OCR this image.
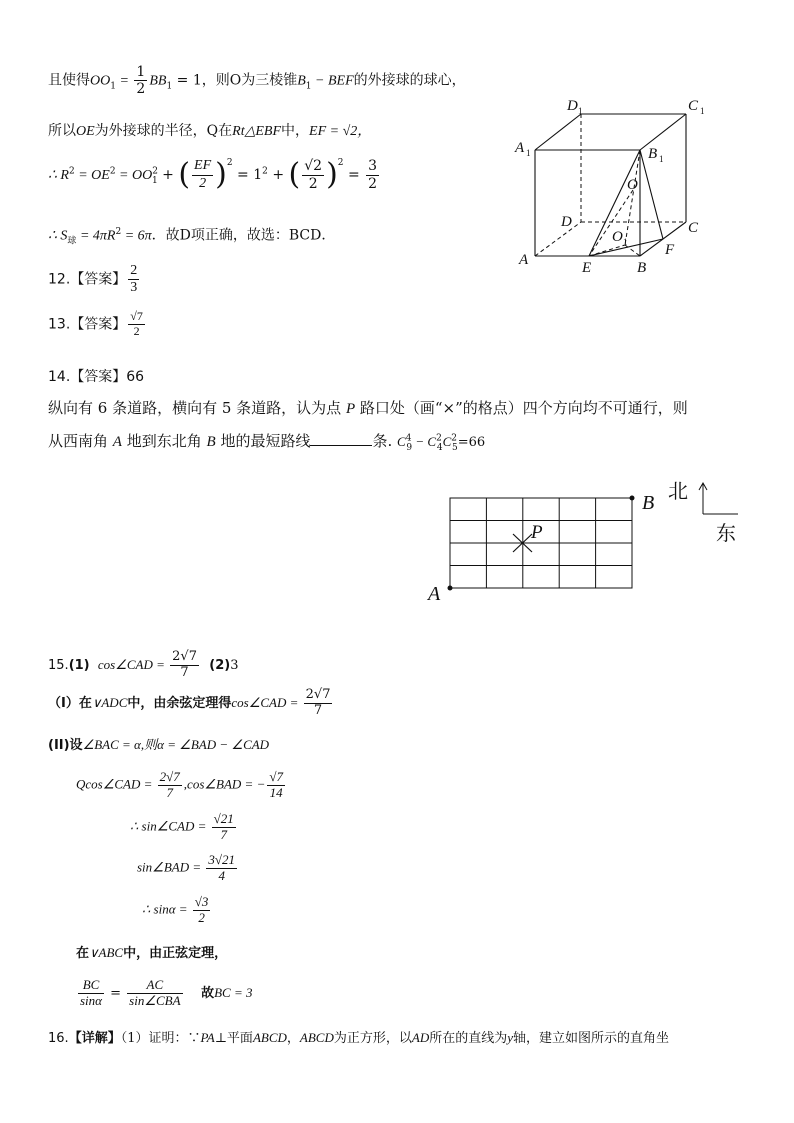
且使得$OO_1 = \frac{1}{2} BB_1 = 1$，则O为三棱锥$B_1$ − BEF的外接球的球心，
所以OE为外接球的半径，Q在Rt△EBF中，EF = √2，
∴ $R^2 = OE^2 = OO^2_1$ + ( $\frac{EF}{2} )^2 = 1^2$ + ( $\frac{√2}{2} )^2 = \frac{3}{2}$
∴ $S_球 = 4\pi R^2 = 6\pi$．故D项正确，故选：BCD．
D	C
A	B
O
D	C
A	E	B
F
O
1	1
1
1
1
12.【答案】 $\frac{2}{3}$
13.【答案】 $\frac{√7}{2}$
14.【答案】66
纵向有 6 条道路，横向有 5 条道路，认为点 P 路口处（画“×”的格点）四个方向均不可通行，则
从西南角 A 地到东北角 B 地的最短路线	条. $C^4_9 - C^2_4C^2_5=66$
A
B
P
北
东
15.(1) cos∠CAD = $\frac{2√7}{7} (2)3$
（I）在∨ADC中，由余弦定理得cos∠CAD = $\frac{2√7}{7}$
(II)设∠BAC = α,则α = ∠BAD − ∠CAD
Qcos∠CAD = $\frac{2√7}{7}$ ,cos∠BAD = − $\frac{√7}{14}$
∴ sin∠CAD = $\frac{√21}{7}$
sin∠BAD = $\frac{3√21}{4}$
∴ $\sin\alpha = \frac{√3}{2}$
在∨ABC中，由正弦定理，
$\frac{BC}{\sin\alpha} = \frac{AC}{\text{sin∠CBA}}$ 故BC = 3
16.【详解】（1）证明：∵PA⊥平面ABCD，ABCD为正方形，以AD所在的直线为y轴，建立如图所示的直角坐
